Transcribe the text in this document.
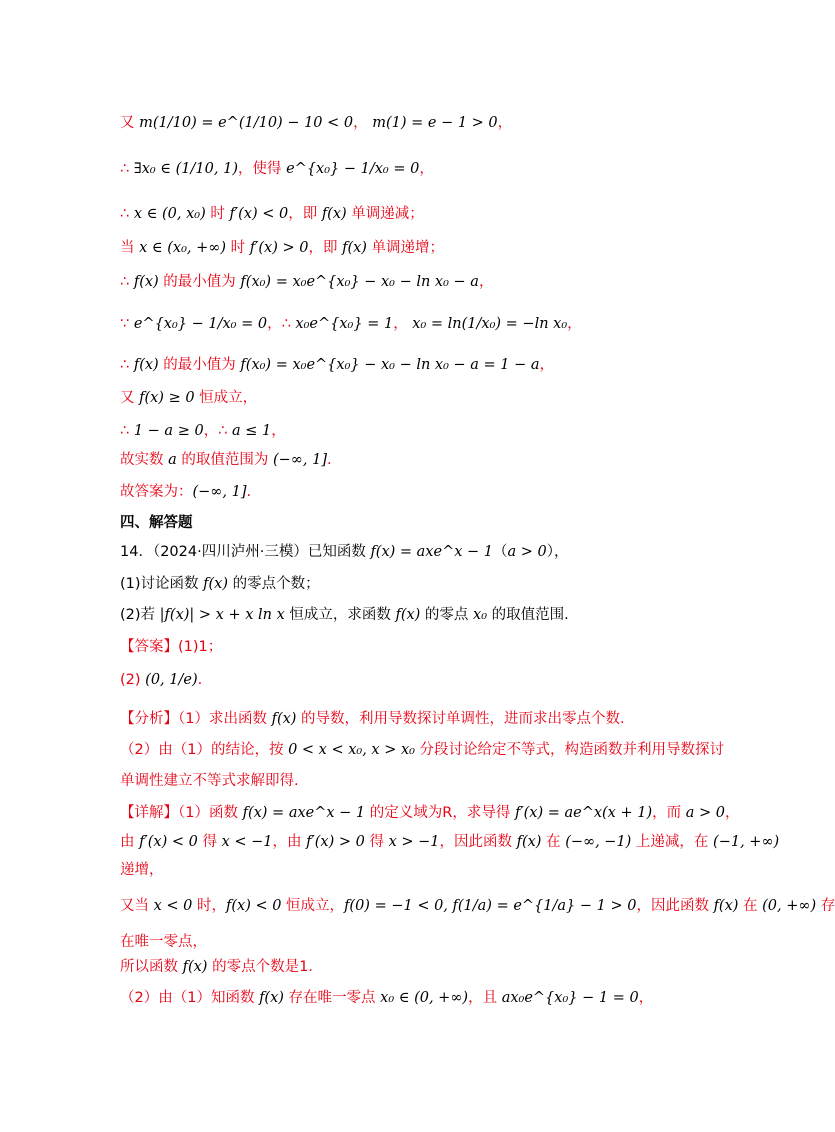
又 m(1/10) = e^(1/10) − 10 < 0， m(1) = e − 1 > 0，
∴ ∃x₀ ∈ (1/10, 1)，使得 e^{x₀} − 1/x₀ = 0，
∴ x ∈ (0, x₀) 时 f′(x) < 0，即 f(x) 单调递减；
当 x ∈ (x₀, +∞) 时 f′(x) > 0，即 f(x) 单调递增；
∴ f(x) 的最小值为 f(x₀) = x₀e^{x₀} − x₀ − ln x₀ − a，
∵ e^{x₀} − 1/x₀ = 0，∴ x₀e^{x₀} = 1， x₀ = ln(1/x₀) = −ln x₀，
∴ f(x) 的最小值为 f(x₀) = x₀e^{x₀} − x₀ − ln x₀ − a = 1 − a，
又 f(x) ≥ 0 恒成立，
∴ 1 − a ≥ 0，∴ a ≤ 1，
故实数 a 的取值范围为 (−∞, 1].
故答案为：(−∞, 1].
四、解答题
14．（2024·四川泸州·三模）已知函数 f(x) = axe^x − 1（a > 0），
(1)讨论函数 f(x) 的零点个数；
(2)若 |f(x)| > x + x ln x 恒成立，求函数 f(x) 的零点 x₀ 的取值范围.
【答案】(1)1；
(2) (0, 1/e).
【分析】（1）求出函数 f(x) 的导数，利用导数探讨单调性，进而求出零点个数.
（2）由（1）的结论，按 0 < x < x₀, x > x₀ 分段讨论给定不等式，构造函数并利用导数探讨
单调性建立不等式求解即得.
【详解】（1）函数 f(x) = axe^x − 1 的定义域为R，求导得 f′(x) = ae^x(x + 1)，而 a > 0，
由 f′(x) < 0 得 x < −1，由 f′(x) > 0 得 x > −1，因此函数 f(x) 在 (−∞, −1) 上递减，在 (−1, +∞)
递增，
又当 x < 0 时，f(x) < 0 恒成立，f(0) = −1 < 0, f(1/a) = e^{1/a} − 1 > 0，因此函数 f(x) 在 (0, +∞) 存
在唯一零点，
所以函数 f(x) 的零点个数是1.
（2）由（1）知函数 f(x) 存在唯一零点 x₀ ∈ (0, +∞)，且 ax₀e^{x₀} − 1 = 0，
